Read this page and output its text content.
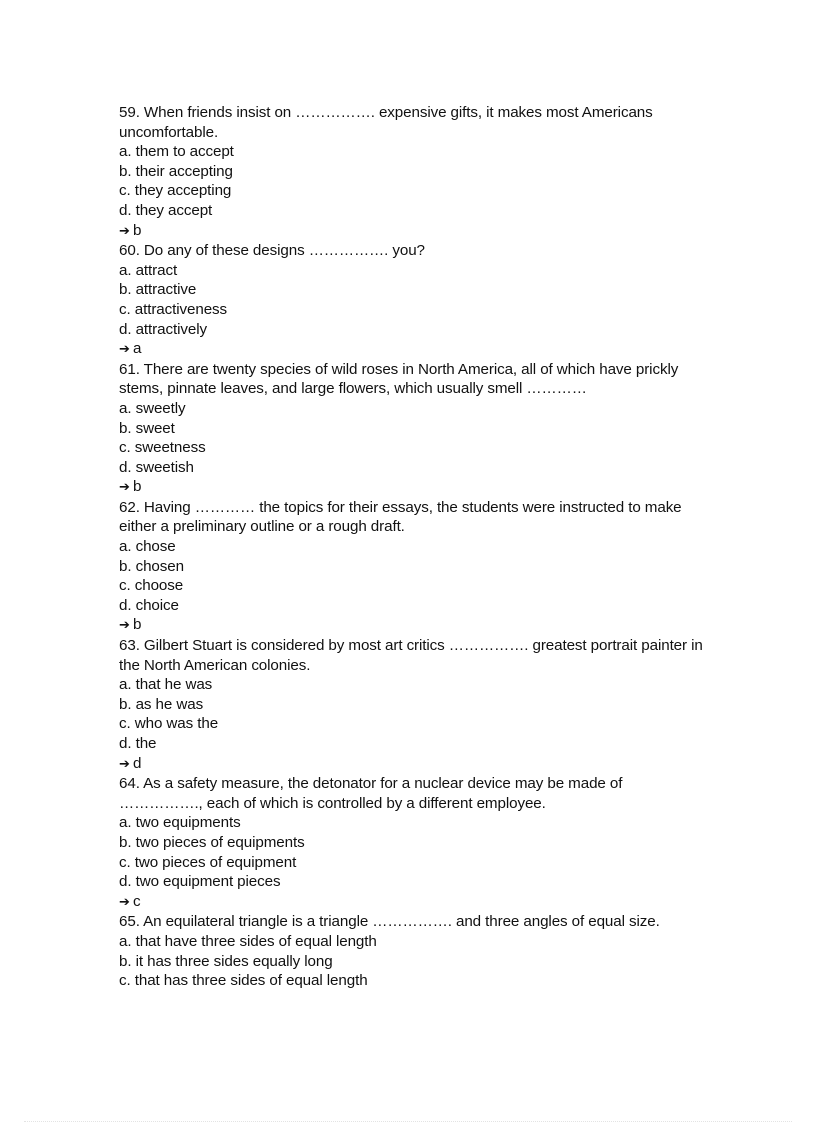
59. When friends insist on ……………. expensive gifts, it makes most Americans uncomfortable.

a. them to accept

b. their accepting

c. they accepting

d. they accept

➔ b

60. Do any of these designs ……………. you?

a. attract

b. attractive

c. attractiveness

d. attractively

➔ a

61. There are twenty species of wild roses in North America, all of which have prickly stems, pinnate leaves, and large flowers, which usually smell …………

a. sweetly

b. sweet

c. sweetness

d. sweetish

➔ b

62. Having ………… the topics for their essays, the students were instructed to make either a preliminary outline or a rough draft.

a. chose

b. chosen

c. choose

d. choice

➔ b

63. Gilbert Stuart is considered by most art critics ……………. greatest portrait painter in the North American colonies.

a. that he was

b. as he was

c. who was the

d. the

➔ d

64. As a safety measure, the detonator for a nuclear device may be made of ……………., each of which is controlled by a different employee.

a. two equipments

b. two pieces of equipments

c. two pieces of equipment

d. two equipment pieces

➔ c

65. An equilateral triangle is a triangle ……………. and three angles of equal size.

a. that have three sides of equal length

b. it has three sides equally long

c. that has three sides of equal length
